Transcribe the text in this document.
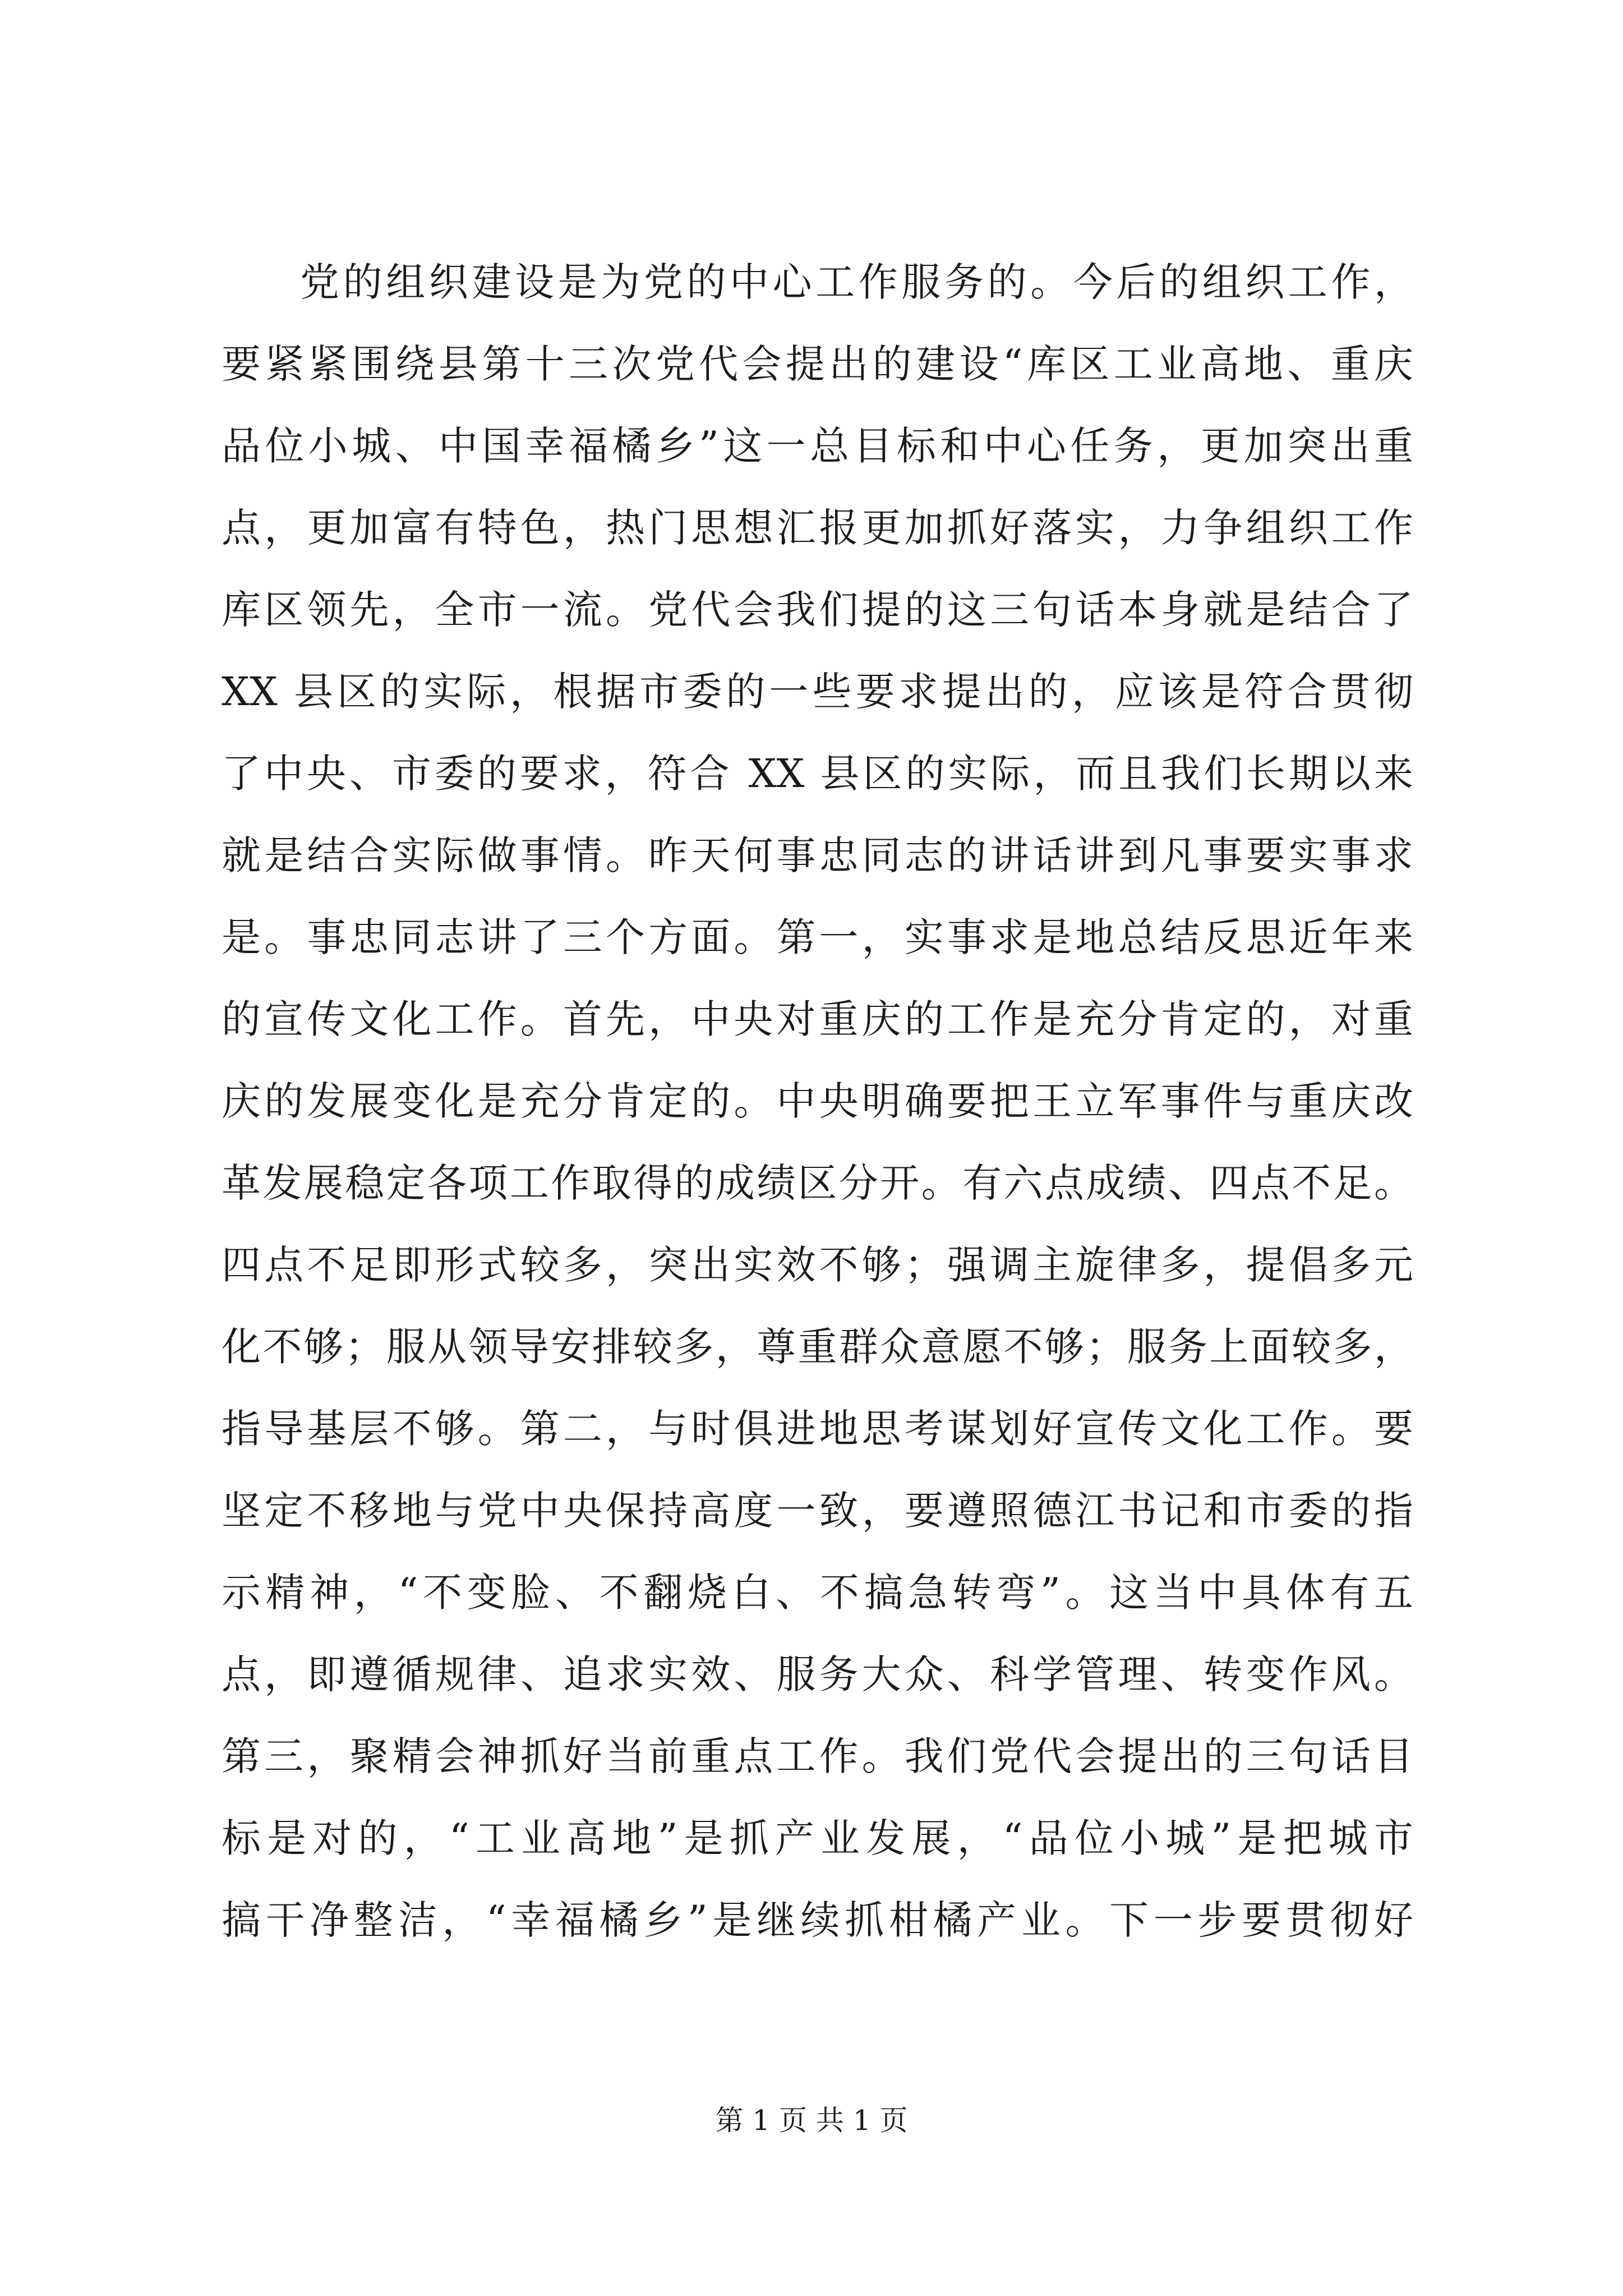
党的组织建设是为党的中心工作服务的。今后的组织工作，
要紧紧围绕县第十三次党代会提出的建设“库区工业高地、重庆
品位小城、中国幸福橘乡”这一总目标和中心任务，更加突出重
点，更加富有特色，热门思想汇报更加抓好落实，力争组织工作
库区领先，全市一流。党代会我们提的这三句话本身就是结合了
XX 县区的实际，根据市委的一些要求提出的，应该是符合贯彻
了中央、市委的要求，符合 XX 县区的实际，而且我们长期以来
就是结合实际做事情。昨天何事忠同志的讲话讲到凡事要实事求
是。事忠同志讲了三个方面。第一，实事求是地总结反思近年来
的宣传文化工作。首先，中央对重庆的工作是充分肯定的，对重
庆的发展变化是充分肯定的。中央明确要把王立军事件与重庆改
革发展稳定各项工作取得的成绩区分开。有六点成绩、四点不足。
四点不足即形式较多，突出实效不够；强调主旋律多，提倡多元
化不够；服从领导安排较多，尊重群众意愿不够；服务上面较多，
指导基层不够。第二，与时俱进地思考谋划好宣传文化工作。要
坚定不移地与党中央保持高度一致，要遵照德江书记和市委的指
示精神，“不变脸、不翻烧白、不搞急转弯”。这当中具体有五
点，即遵循规律、追求实效、服务大众、科学管理、转变作风。
第三，聚精会神抓好当前重点工作。我们党代会提出的三句话目
标是对的，“工业高地”是抓产业发展，“品位小城”是把城市
搞干净整洁，“幸福橘乡”是继续抓柑橘产业。下一步要贯彻好
第 1 页 共 1 页
